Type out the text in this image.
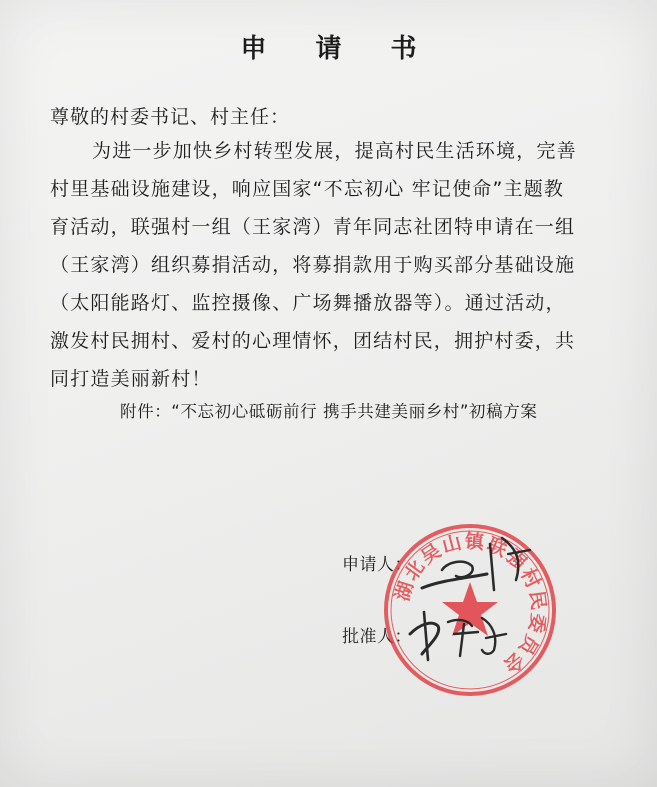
申 请 书
尊敬的村委书记、村主任：
为进一步加快乡村转型发展，提高村民生活环境，完善
村里基础设施建设，响应国家“不忘初心 牢记使命”主题教
育活动，联强村一组（王家湾）青年同志社团特申请在一组
（王家湾）组织募捐活动，将募捐款用于购买部分基础设施
（太阳能路灯、监控摄像、广场舞播放器等）。通过活动，
激发村民拥村、爱村的心理情怀，团结村民，拥护村委，共
附件：“不忘初心砥砺前行 携手共建美丽乡村”初稿方案
申请人：
批准人：
湖北吴山镇联强村民委员会
同打造美丽新村！
